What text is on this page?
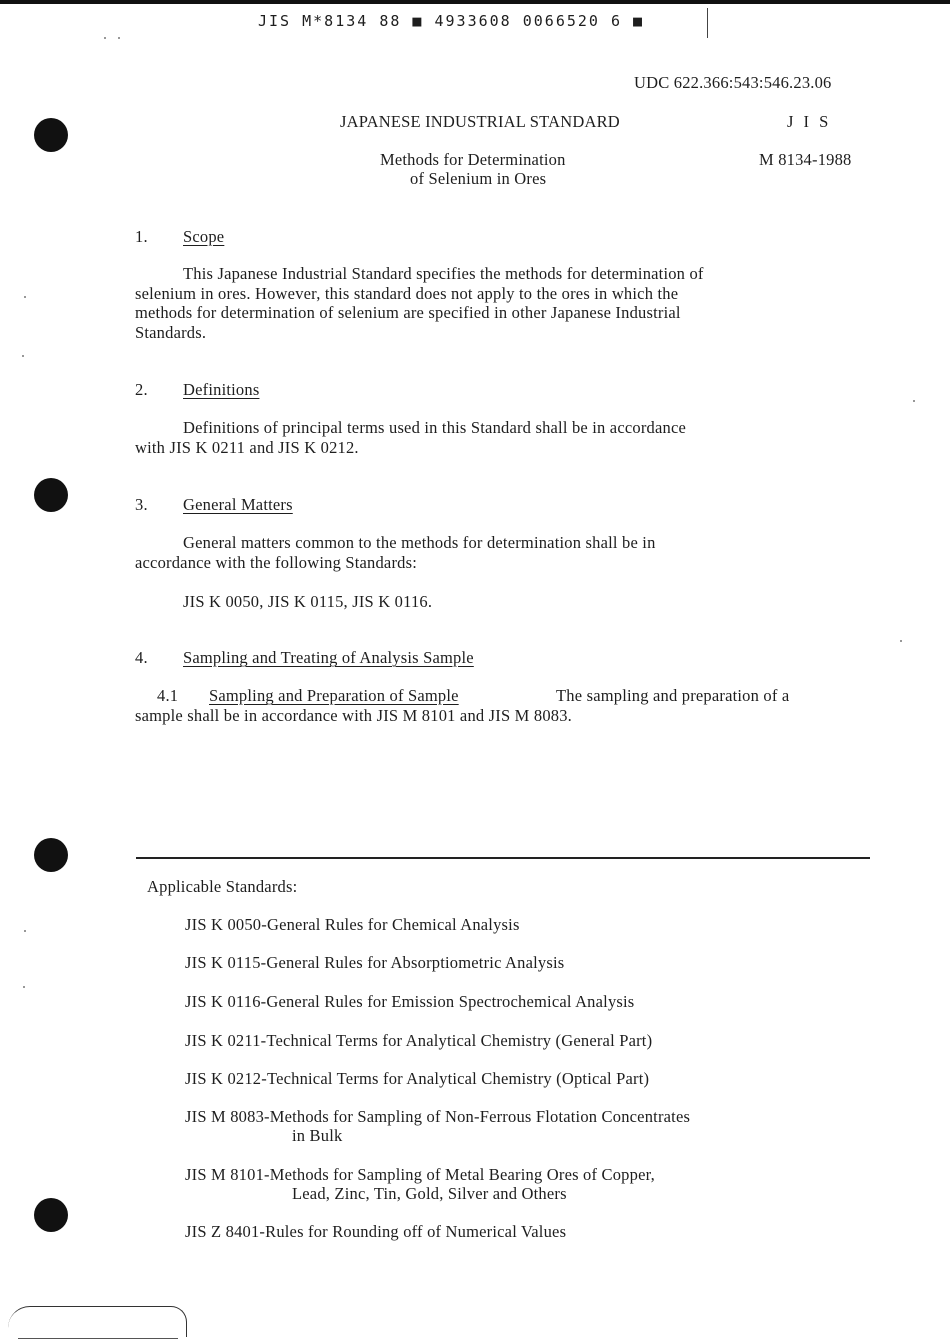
JIS M*8134 88 ■ 4933608 0066520 6 ■
UDC 622.366:543:546.23.06
JAPANESE INDUSTRIAL STANDARD	J I S
Methods for Determination
of Selenium in Ores
M 8134-1988
1. Scope
This Japanese Industrial Standard specifies the methods for determination of
selenium in ores. However, this standard does not apply to the ores in which the
methods for determination of selenium are specified in other Japanese Industrial
Standards.
2. Definitions
Definitions of principal terms used in this Standard shall be in accordance
with JIS K 0211 and JIS K 0212.
3. General Matters
General matters common to the methods for determination shall be in
accordance with the following Standards:
JIS K 0050, JIS K 0115, JIS K 0116.
4. Sampling and Treating of Analysis Sample
4.1 Sampling and Preparation of Sample	The sampling and preparation of a
sample shall be in accordance with JIS M 8101 and JIS M 8083.
Applicable Standards:
JIS K 0050-General Rules for Chemical Analysis
JIS K 0115-General Rules for Absorptiometric Analysis
JIS K 0116-General Rules for Emission Spectrochemical Analysis
JIS K 0211-Technical Terms for Analytical Chemistry (General Part)
JIS K 0212-Technical Terms for Analytical Chemistry (Optical Part)
JIS M 8083-Methods for Sampling of Non-Ferrous Flotation Concentrates
in Bulk
JIS M 8101-Methods for Sampling of Metal Bearing Ores of Copper,
Lead, Zinc, Tin, Gold, Silver and Others
JIS Z 8401-Rules for Rounding off of Numerical Values
